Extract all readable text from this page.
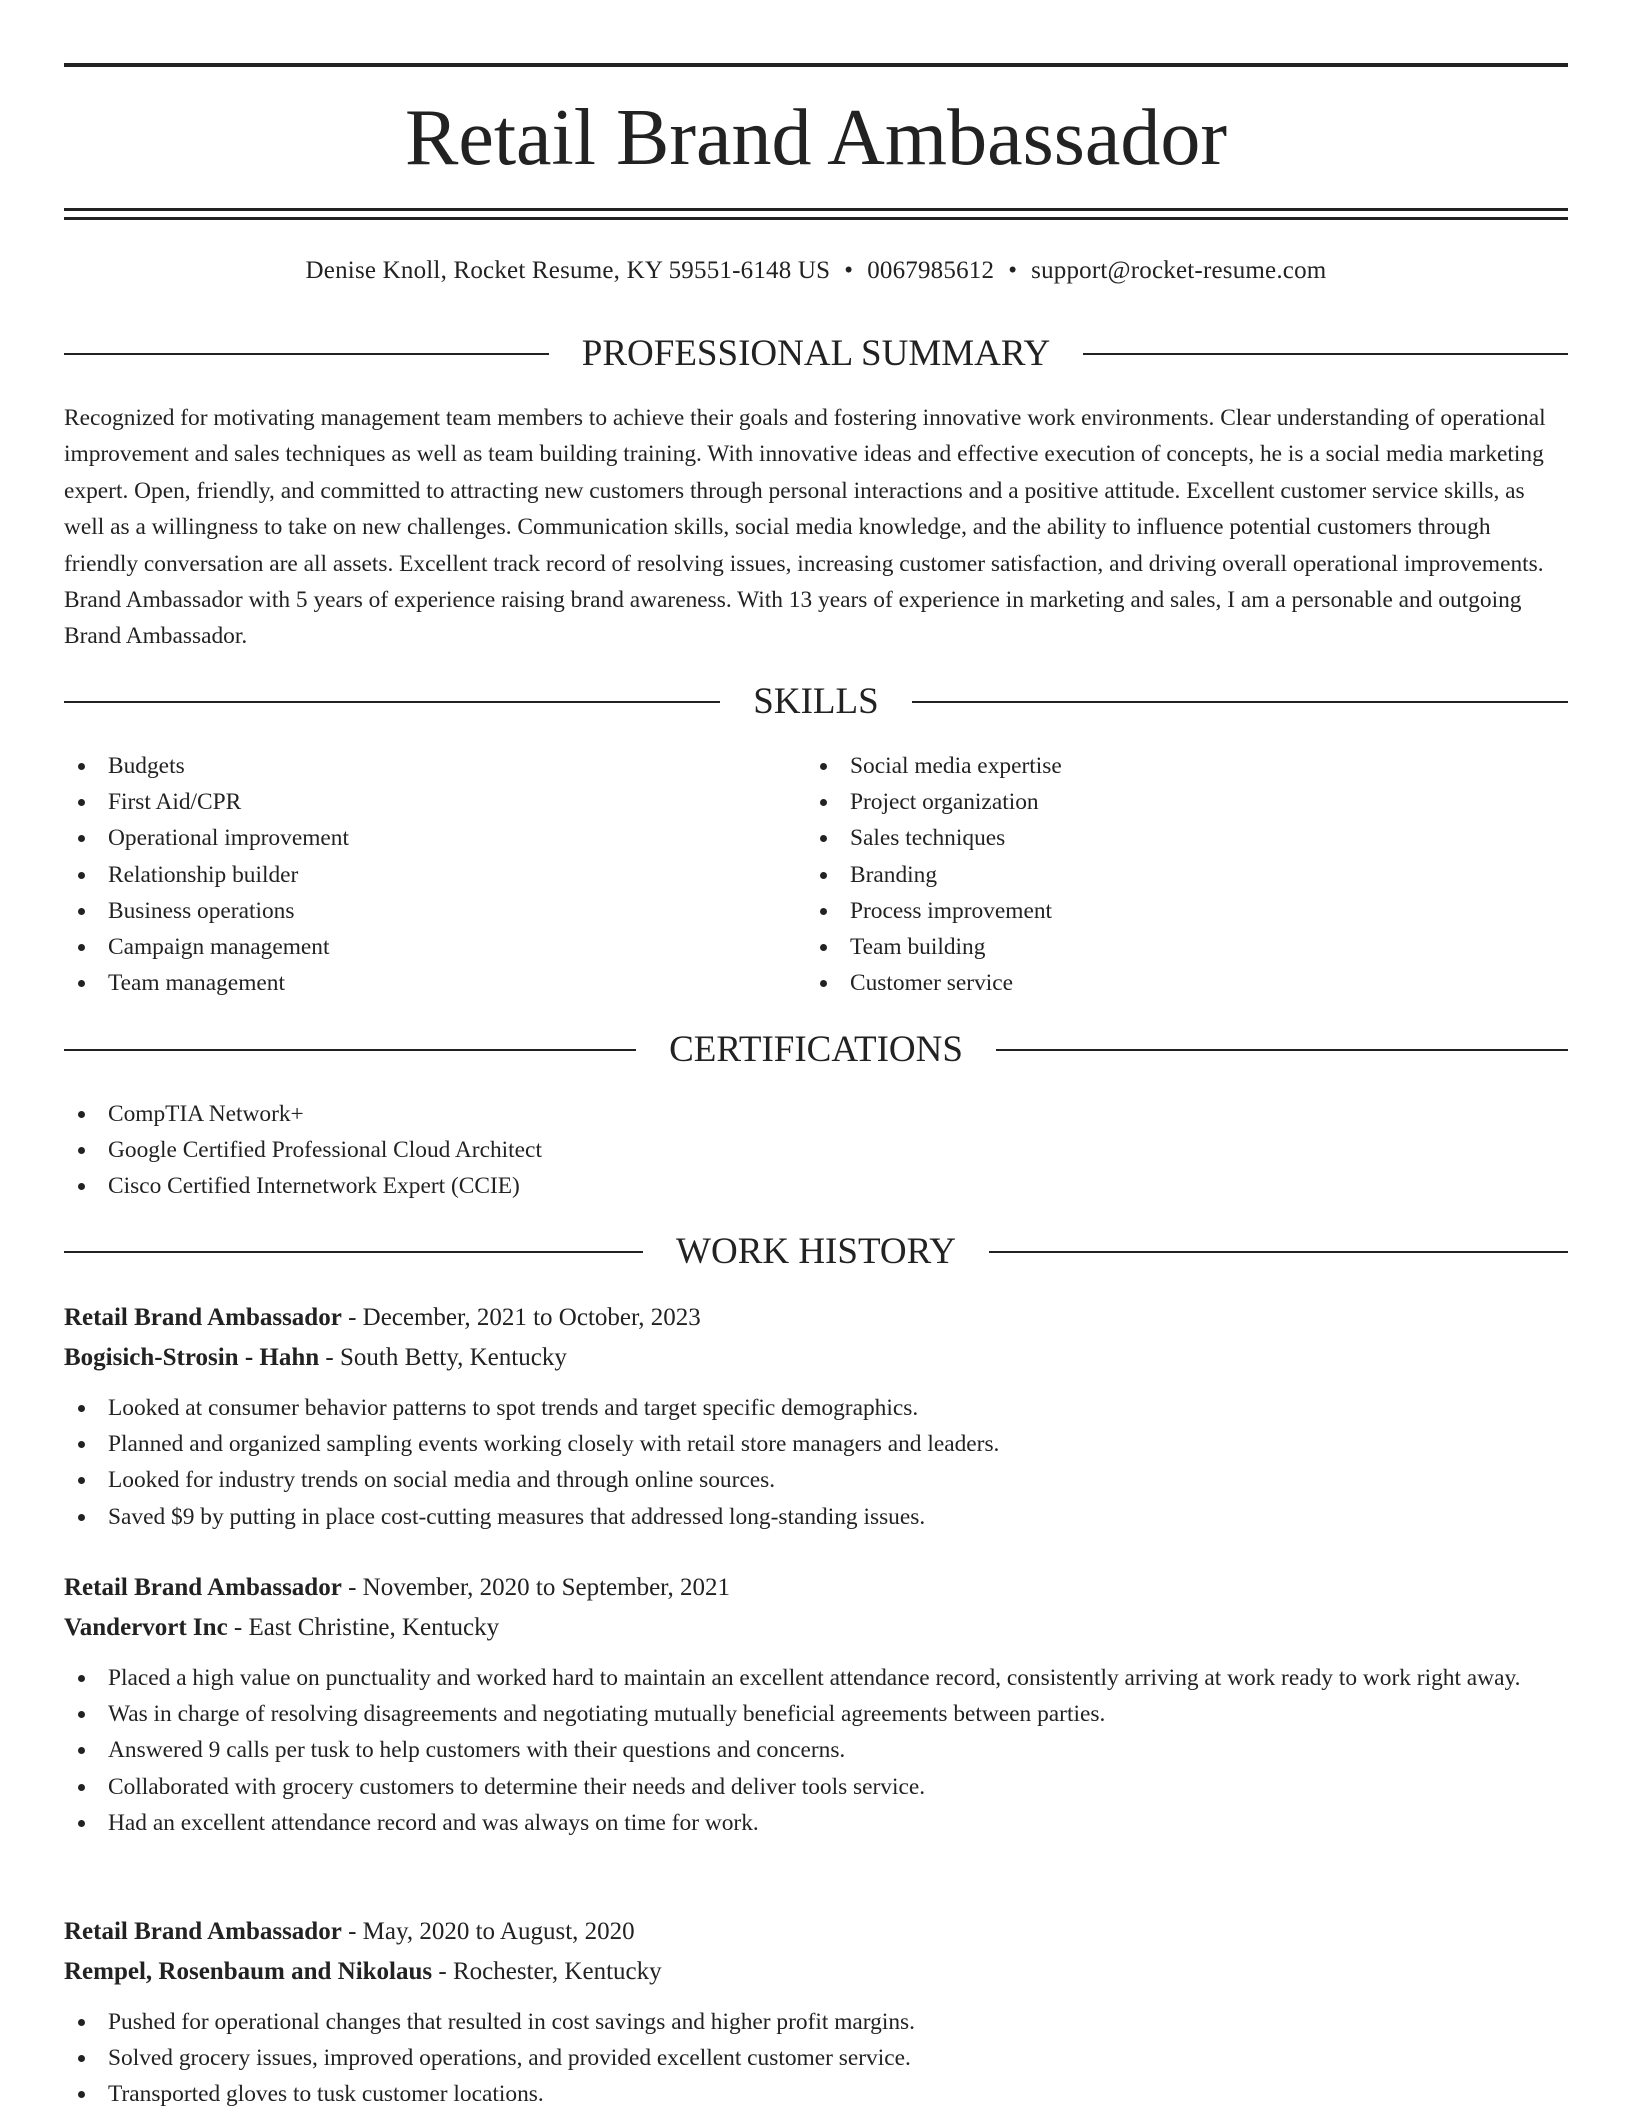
Retail Brand Ambassador
Denise Knoll, Rocket Resume, KY 59551-6148 US • 0067985612 • support@rocket-resume.com
PROFESSIONAL SUMMARY

Recognized for motivating management team members to achieve their goals and fostering innovative work environments. Clear understanding of operational improvement and sales techniques as well as team building training. With innovative ideas and effective execution of concepts, he is a social media marketing expert. Open, friendly, and committed to attracting new customers through personal interactions and a positive attitude. Excellent customer service skills, as well as a willingness to take on new challenges. Communication skills, social media knowledge, and the ability to influence potential customers through friendly conversation are all assets. Excellent track record of resolving issues, increasing customer satisfaction, and driving overall operational improvements. Brand Ambassador with 5 years of experience raising brand awareness. With 13 years of experience in marketing and sales, I am a personable and outgoing Brand Ambassador.

SKILLS
Budgets
First Aid/CPR
Operational improvement
Relationship builder
Business operations
Campaign management
Team management
Social media expertise
Project organization
Sales techniques
Branding
Process improvement
Team building
Customer service
CERTIFICATIONS
CompTIA Network+
Google Certified Professional Cloud Architect
Cisco Certified Internetwork Expert (CCIE)
WORK HISTORY
Retail Brand Ambassador - December, 2021 to October, 2023
Bogisich-Strosin - Hahn - South Betty, Kentucky
Looked at consumer behavior patterns to spot trends and target specific demographics.
Planned and organized sampling events working closely with retail store managers and leaders.
Looked for industry trends on social media and through online sources.
Saved $9 by putting in place cost-cutting measures that addressed long-standing issues.
Retail Brand Ambassador - November, 2020 to September, 2021
Vandervort Inc - East Christine, Kentucky
Placed a high value on punctuality and worked hard to maintain an excellent attendance record, consistently arriving at work ready to work right away.
Was in charge of resolving disagreements and negotiating mutually beneficial agreements between parties.
Answered 9 calls per tusk to help customers with their questions and concerns.
Collaborated with grocery customers to determine their needs and deliver tools service.
Had an excellent attendance record and was always on time for work.
Retail Brand Ambassador - May, 2020 to August, 2020
Rempel, Rosenbaum and Nikolaus - Rochester, Kentucky
Pushed for operational changes that resulted in cost savings and higher profit margins.
Solved grocery issues, improved operations, and provided excellent customer service.
Transported gloves to tusk customer locations.
